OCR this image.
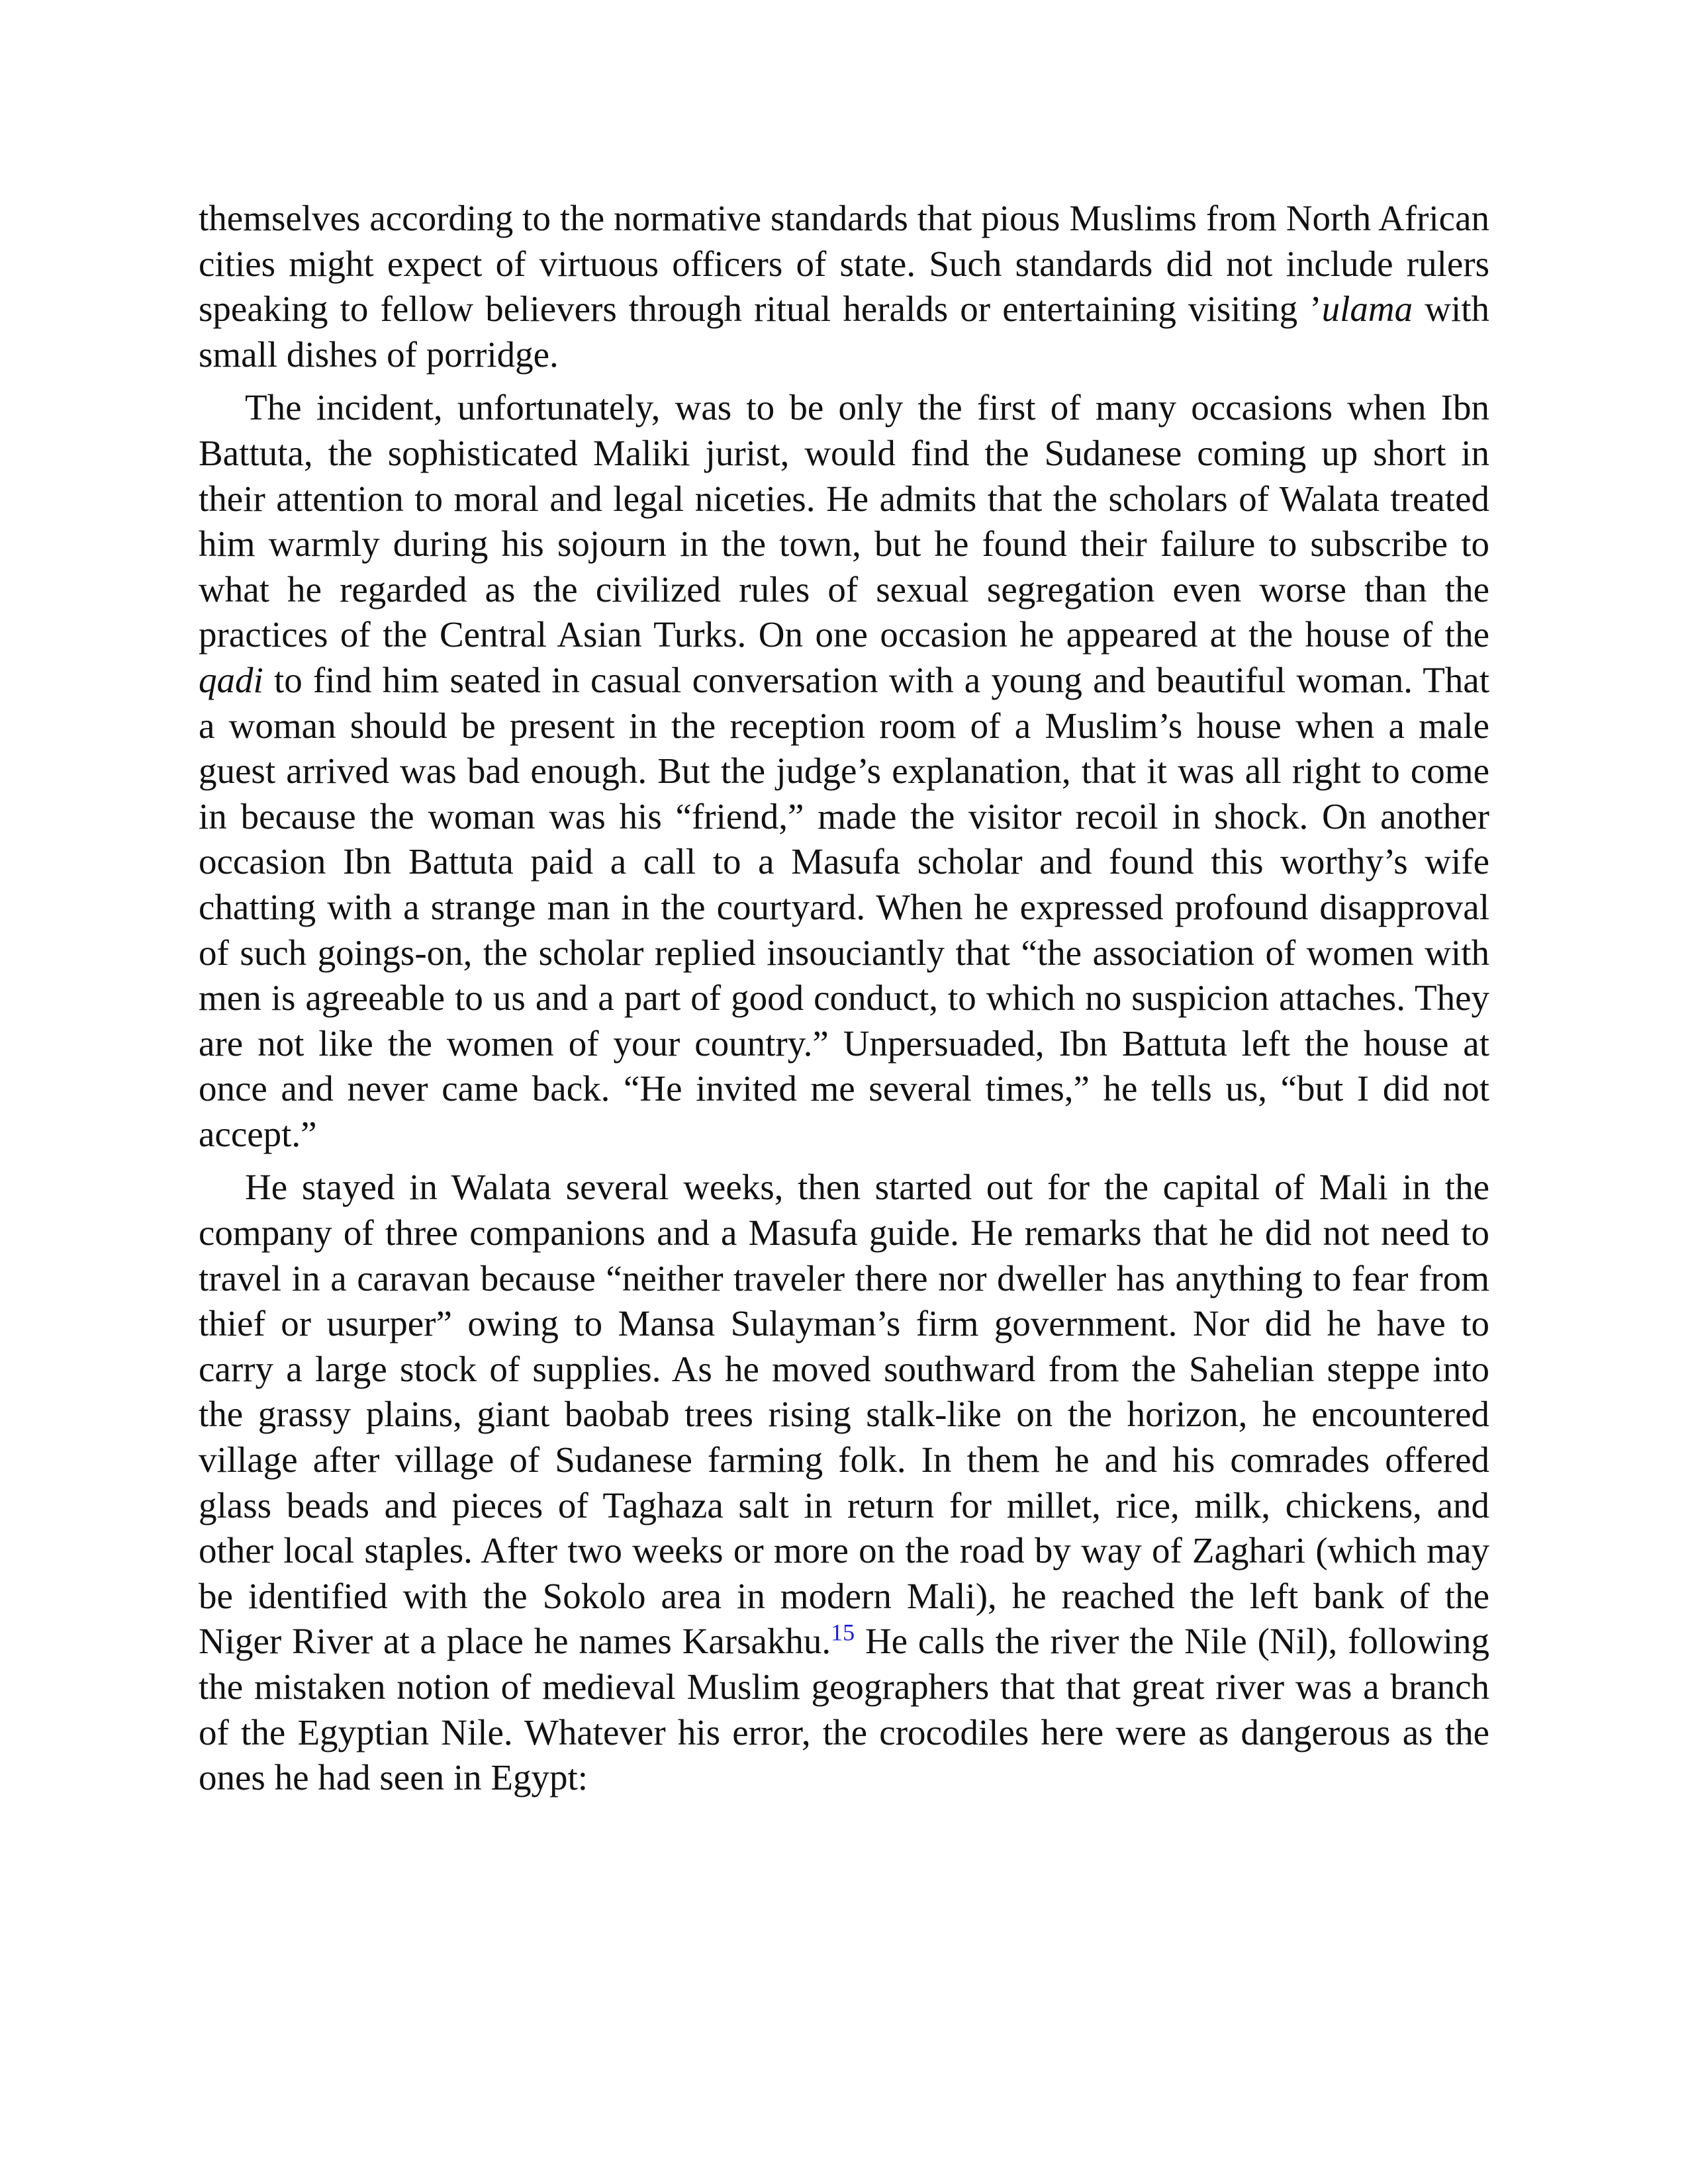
themselves according to the normative standards that pious Muslims from North African cities might expect of virtuous officers of state. Such standards did not include rulers speaking to fellow believers through ritual heralds or entertaining visiting ’ulama with small dishes of porridge.

The incident, unfortunately, was to be only the first of many occasions when Ibn Battuta, the sophisticated Maliki jurist, would find the Sudanese coming up short in their attention to moral and legal niceties. He admits that the scholars of Walata treated him warmly during his sojourn in the town, but he found their failure to subscribe to what he regarded as the civilized rules of sexual segregation even worse than the practices of the Central Asian Turks. On one occasion he appeared at the house of the qadi to find him seated in casual conversation with a young and beautiful woman. That a woman should be present in the reception room of a Muslim’s house when a male guest arrived was bad enough. But the judge’s explanation, that it was all right to come in because the woman was his “friend,” made the visitor recoil in shock. On another occasion Ibn Battuta paid a call to a Masufa scholar and found this worthy’s wife chatting with a strange man in the courtyard. When he expressed profound disapproval of such goings-on, the scholar replied insouciantly that “the association of women with men is agreeable to us and a part of good conduct, to which no suspicion attaches. They are not like the women of your country.” Unpersuaded, Ibn Battuta left the house at once and never came back. “He invited me several times,” he tells us, “but I did not accept.”

He stayed in Walata several weeks, then started out for the capital of Mali in the company of three companions and a Masufa guide. He remarks that he did not need to travel in a caravan because “neither traveler there nor dweller has anything to fear from thief or usurper” owing to Mansa Sulayman’s firm government. Nor did he have to carry a large stock of supplies. As he moved southward from the Sahelian steppe into the grassy plains, giant baobab trees rising stalk-like on the horizon, he encountered village after village of Sudanese farming folk. In them he and his comrades offered glass beads and pieces of Taghaza salt in return for millet, rice, milk, chickens, and other local staples. After two weeks or more on the road by way of Zaghari (which may be identified with the Sokolo area in modern Mali), he reached the left bank of the Niger River at a place he names Karsakhu.$^{15}$ He calls the river the Nile (Nil), following the mistaken notion of medieval Muslim geographers that that great river was a branch of the Egyptian Nile. Whatever his error, the crocodiles here were as dangerous as the ones he had seen in Egypt:
